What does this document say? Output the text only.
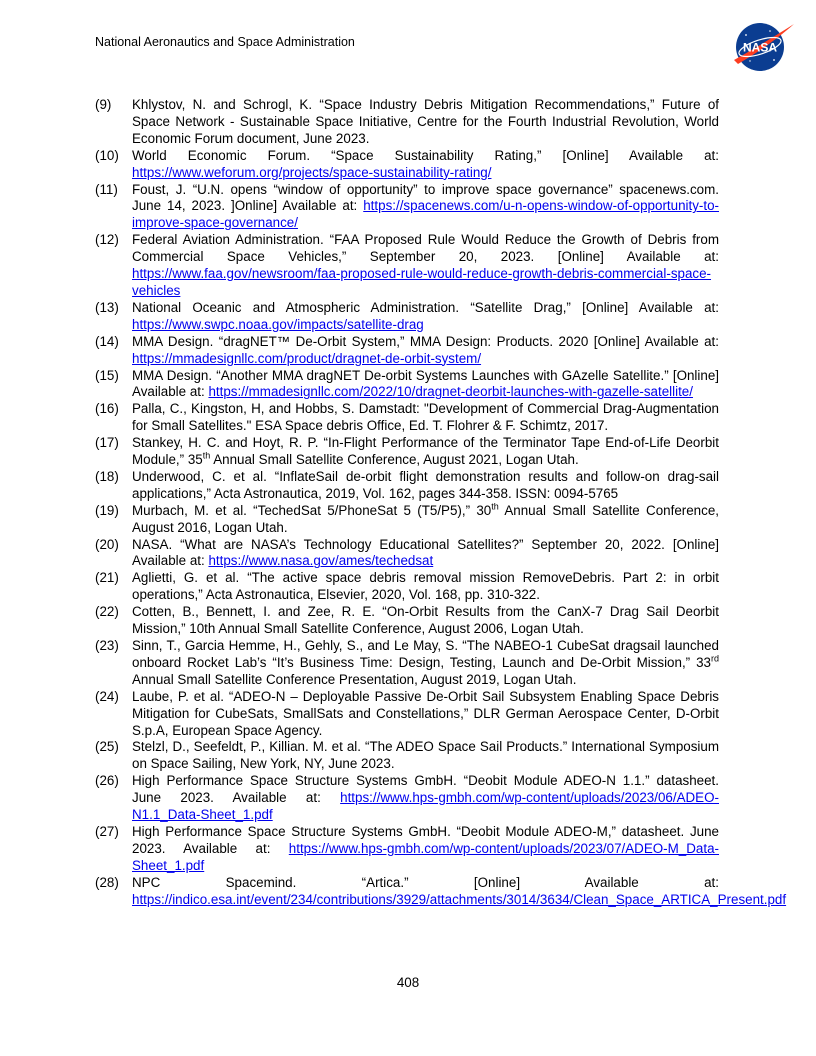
National Aeronautics and Space Administration	NASA
(9) Khlystov, N. and Schrogl, K. “Space Industry Debris Mitigation Recommendations,” Future of Space Network - Sustainable Space Initiative, Centre for the Fourth Industrial Revolution, World Economic Forum document, June 2023.
(10) World Economic Forum. “Space Sustainability Rating,” [Online] Available at: https://www.weforum.org/projects/space-sustainability-rating/
(11) Foust, J. “U.N. opens “window of opportunity” to improve space governance” spacenews.com. June 14, 2023. ]Online] Available at: https://spacenews.com/u-n-opens-window-of-opportunity-to-improve-space-governance/
(12) Federal Aviation Administration. “FAA Proposed Rule Would Reduce the Growth of Debris from Commercial Space Vehicles,” September 20, 2023. [Online] Available at: https://www.faa.gov/newsroom/faa-proposed-rule-would-reduce-growth-debris-commercial-space-vehicles
(13) National Oceanic and Atmospheric Administration. “Satellite Drag,” [Online] Available at: https://www.swpc.noaa.gov/impacts/satellite-drag
(14) MMA Design. “dragNET™ De-Orbit System,” MMA Design: Products. 2020 [Online] Available at: https://mmadesignllc.com/product/dragnet-de-orbit-system/
(15) MMA Design. “Another MMA dragNET De-orbit Systems Launches with GAzelle Satellite.” [Online] Available at: https://mmadesignllc.com/2022/10/dragnet-deorbit-launches-with-gazelle-satellite/
(16) Palla, C., Kingston, H, and Hobbs, S. Damstadt: "Development of Commercial Drag-Augmentation for Small Satellites." ESA Space debris Office, Ed. T. Flohrer & F. Schimtz, 2017.
(17) Stankey, H. C. and Hoyt, R. P. “In-Flight Performance of the Terminator Tape End-of-Life Deorbit Module,” 35th Annual Small Satellite Conference, August 2021, Logan Utah.
(18) Underwood, C. et al. “InflateSail de-orbit flight demonstration results and follow-on drag-sail applications,” Acta Astronautica, 2019, Vol. 162, pages 344-358. ISSN: 0094-5765
(19) Murbach, M. et al. “TechedSat 5/PhoneSat 5 (T5/P5),” 30th Annual Small Satellite Conference, August 2016, Logan Utah.
(20) NASA. “What are NASA’s Technology Educational Satellites?” September 20, 2022. [Online] Available at: https://www.nasa.gov/ames/techedsat
(21) Aglietti, G. et al. “The active space debris removal mission RemoveDebris. Part 2: in orbit operations,” Acta Astronautica, Elsevier, 2020, Vol. 168, pp. 310-322.
(22) Cotten, B., Bennett, I. and Zee, R. E. “On-Orbit Results from the CanX-7 Drag Sail Deorbit Mission,” 10th Annual Small Satellite Conference, August 2006, Logan Utah.
(23) Sinn, T., Garcia Hemme, H., Gehly, S., and Le May, S. “The NABEO-1 CubeSat dragsail launched onboard Rocket Lab’s “It’s Business Time: Design, Testing, Launch and De-Orbit Mission,” 33rd Annual Small Satellite Conference Presentation, August 2019, Logan Utah.
(24) Laube, P. et al. “ADEO-N – Deployable Passive De-Orbit Sail Subsystem Enabling Space Debris Mitigation for CubeSats, SmallSats and Constellations,” DLR German Aerospace Center, D-Orbit S.p.A, European Space Agency.
(25) Stelzl, D., Seefeldt, P., Killian. M. et al. “The ADEO Space Sail Products.” International Symposium on Space Sailing, New York, NY, June 2023.
(26) High Performance Space Structure Systems GmbH. “Deobit Module ADEO-N 1.1.” datasheet. June 2023. Available at: https://www.hps-gmbh.com/wp-content/uploads/2023/06/ADEO-N1.1_Data-Sheet_1.pdf
(27) High Performance Space Structure Systems GmbH. “Deobit Module ADEO-M,” datasheet. June 2023. Available at: https://www.hps-gmbh.com/wp-content/uploads/2023/07/ADEO-M_Data-Sheet_1.pdf
(28) NPC Spacemind. “Artica.” [Online] Available at: https://indico.esa.int/event/234/contributions/3929/attachments/3014/3634/Clean_Space_ARTICA_Present.pdf
408
